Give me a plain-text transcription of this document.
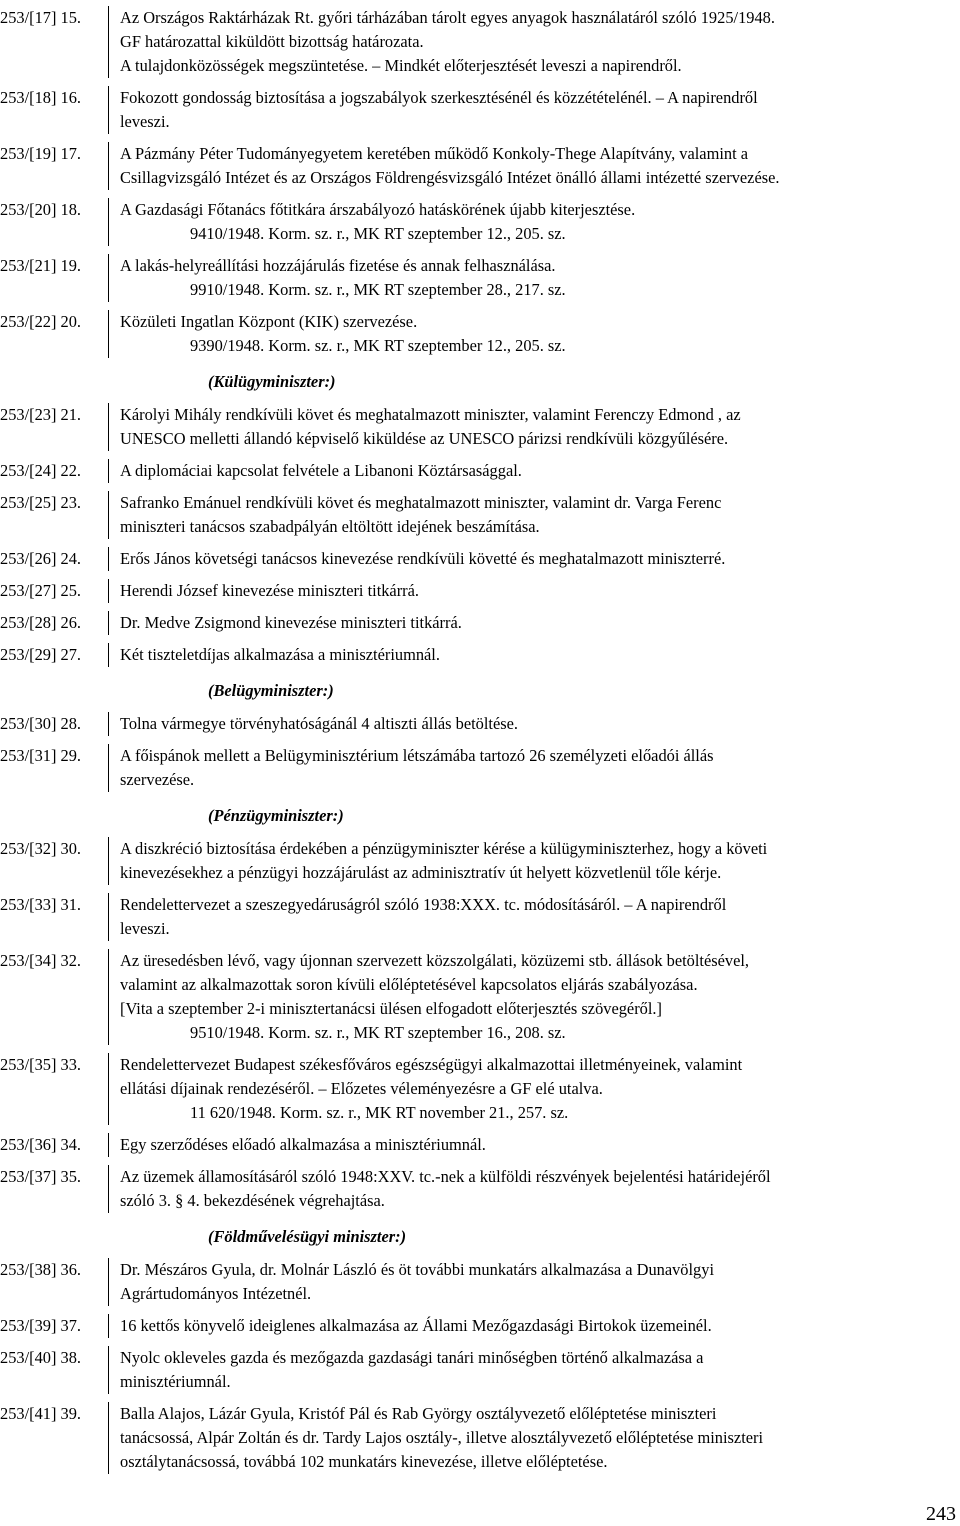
253/[17] 15.	Az Országos Raktárházak Rt. győri tárházában tárolt egyes anyagok használatáról szóló 1925/1948.
GF határozattal kiküldött bizottság határozata.
A tulajdonközösségek megszüntetése. – Mindkét előterjesztését leveszi a napirendről.
253/[18] 16.	Fokozott gondosság biztosítása a jogszabályok szerkesztésénél és közzétételénél. – A napirendről
leveszi.
253/[19] 17.	A Pázmány Péter Tudományegyetem keretében működő Konkoly-Thege Alapítvány, valamint a
Csillagvizsgáló Intézet és az Országos Földrengésvizsgáló Intézet önálló állami intézetté szervezése.
253/[20] 18.	A Gazdasági Főtanács főtitkára árszabályozó hatáskörének újabb kiterjesztése.
9410/1948. Korm. sz. r., MK RT szeptember 12., 205. sz.
253/[21] 19.	A lakás-helyreállítási hozzájárulás fizetése és annak felhasználása.
9910/1948. Korm. sz. r., MK RT szeptember 28., 217. sz.
253/[22] 20.	Közületi Ingatlan Központ (KIK) szervezése.
9390/1948. Korm. sz. r., MK RT szeptember 12., 205. sz.
(Külügyminiszter:)
253/[23] 21.	Károlyi Mihály rendkívüli követ és meghatalmazott miniszter, valamint Ferenczy Edmond , az
UNESCO melletti állandó képviselő kiküldése az UNESCO párizsi rendkívüli közgyűlésére.
253/[24] 22.	A diplomáciai kapcsolat felvétele a Libanoni Köztársasággal.
253/[25] 23.	Safranko Emánuel rendkívüli követ és meghatalmazott miniszter, valamint dr. Varga Ferenc
miniszteri tanácsos szabadpályán eltöltött idejének beszámítása.
253/[26] 24.	Erős János követségi tanácsos kinevezése rendkívüli követté és meghatalmazott miniszterré.
253/[27] 25.	Herendi József kinevezése miniszteri titkárrá.
253/[28] 26.	Dr. Medve Zsigmond kinevezése miniszteri titkárrá.
253/[29] 27.	Két tiszteletdíjas alkalmazása a minisztériumnál.
(Belügyminiszter:)
253/[30] 28.	Tolna vármegye törvényhatóságánál 4 altiszti állás betöltése.
253/[31] 29.	A főispánok mellett a Belügyminisztérium létszámába tartozó 26 személyzeti előadói állás
szervezése.
(Pénzügyminiszter:)
253/[32] 30.	A diszkréció biztosítása érdekében a pénzügyminiszter kérése a külügyminiszterhez, hogy a követi
kinevezésekhez a pénzügyi hozzájárulást az adminisztratív út helyett közvetlenül tőle kérje.
253/[33] 31.	Rendelettervezet a szeszegyedáruságról szóló 1938:XXX. tc. módosításáról. – A napirendről
leveszi.
253/[34] 32.	Az üresedésben lévő, vagy újonnan szervezett közszolgálati, közüzemi stb. állások betöltésével,
valamint az alkalmazottak soron kívüli előléptetésével kapcsolatos eljárás szabályozása.
[Vita a szeptember 2-i minisztertanácsi ülésen elfogadott előterjesztés szövegéről.]
9510/1948. Korm. sz. r., MK RT szeptember 16., 208. sz.
253/[35] 33.	Rendelettervezet Budapest székesfőváros egészségügyi alkalmazottai illetményeinek, valamint
ellátási díjainak rendezéséről. – Előzetes véleményezésre a GF elé utalva.
11 620/1948. Korm. sz. r., MK RT november 21., 257. sz.
253/[36] 34.	Egy szerződéses előadó alkalmazása a minisztériumnál.
253/[37] 35.	Az üzemek államosításáról szóló 1948:XXV. tc.-nek a külföldi részvények bejelentési határidejéről
szóló 3. § 4. bekezdésének végrehajtása.
(Földművelésügyi miniszter:)
253/[38] 36.	Dr. Mészáros Gyula, dr. Molnár László és öt további munkatárs alkalmazása a Dunavölgyi
Agrártudományos Intézetnél.
253/[39] 37.	16 kettős könyvelő ideiglenes alkalmazása az Állami Mezőgazdasági Birtokok üzemeinél.
253/[40] 38.	Nyolc okleveles gazda és mezőgazda gazdasági tanári minőségben történő alkalmazása a
minisztériumnál.
253/[41] 39.	Balla Alajos, Lázár Gyula, Kristóf Pál és Rab György osztályvezető előléptetése miniszteri
tanácsossá, Alpár Zoltán és dr. Tardy Lajos osztály-, illetve alosztályvezető előléptetése miniszteri
osztálytanácsossá, továbbá 102 munkatárs kinevezése, illetve előléptetése.
243
